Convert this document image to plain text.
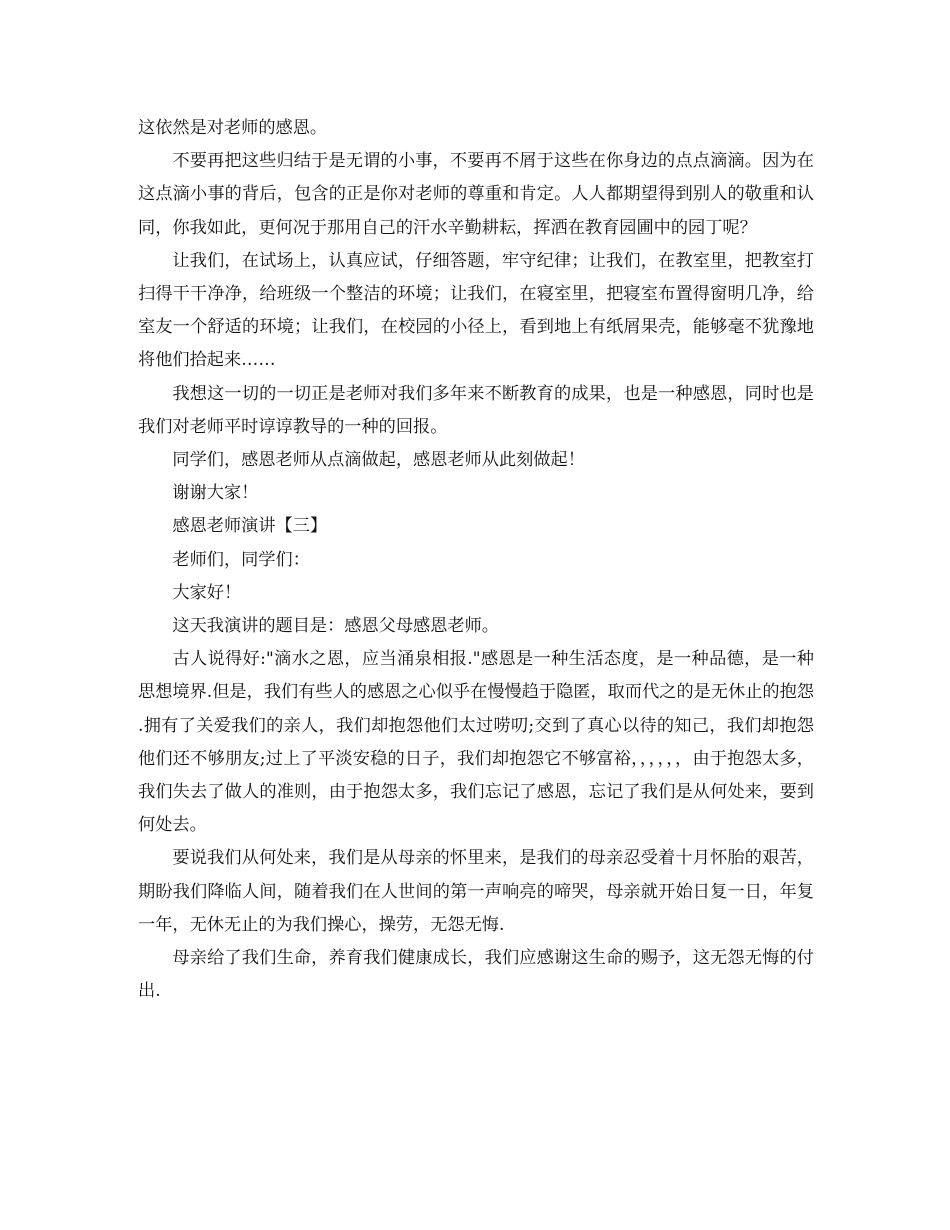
这依然是对老师的感恩。

不要再把这些归结于是无谓的小事，不要再不屑于这些在你身边的点点滴滴。因为在这点滴小事的背后，包含的正是你对老师的尊重和肯定。人人都期望得到别人的敬重和认同，你我如此，更何况于那用自己的汗水辛勤耕耘，挥洒在教育园圃中的园丁呢？

让我们，在试场上，认真应试，仔细答题，牢守纪律；让我们，在教室里，把教室打扫得干干净净，给班级一个整洁的环境；让我们，在寝室里，把寝室布置得窗明几净，给室友一个舒适的环境；让我们，在校园的小径上，看到地上有纸屑果壳，能够毫不犹豫地将他们拾起来……

我想这一切的一切正是老师对我们多年来不断教育的成果，也是一种感恩，同时也是我们对老师平时谆谆教导的一种的回报。

同学们，感恩老师从点滴做起，感恩老师从此刻做起！

谢谢大家！

感恩老师演讲【三】

老师们，同学们：

大家好！

这天我演讲的题目是：感恩父母感恩老师。

古人说得好:"滴水之恩，应当涌泉相报."感恩是一种生活态度，是一种品德，是一种思想境界.但是，我们有些人的感恩之心似乎在慢慢趋于隐匿，取而代之的是无休止的抱怨.拥有了关爱我们的亲人，我们却抱怨他们太过唠叨;交到了真心以待的知己，我们却抱怨他们还不够朋友;过上了平淡安稳的日子，我们却抱怨它不够富裕，，，，，，由于抱怨太多，我们失去了做人的准则，由于抱怨太多，我们忘记了感恩，忘记了我们是从何处来，要到何处去。

要说我们从何处来，我们是从母亲的怀里来，是我们的母亲忍受着十月怀胎的艰苦，期盼我们降临人间，随着我们在人世间的第一声响亮的啼哭，母亲就开始日复一日，年复一年，无休无止的为我们操心，操劳，无怨无悔.

母亲给了我们生命，养育我们健康成长，我们应感谢这生命的赐予，这无怨无悔的付出.
